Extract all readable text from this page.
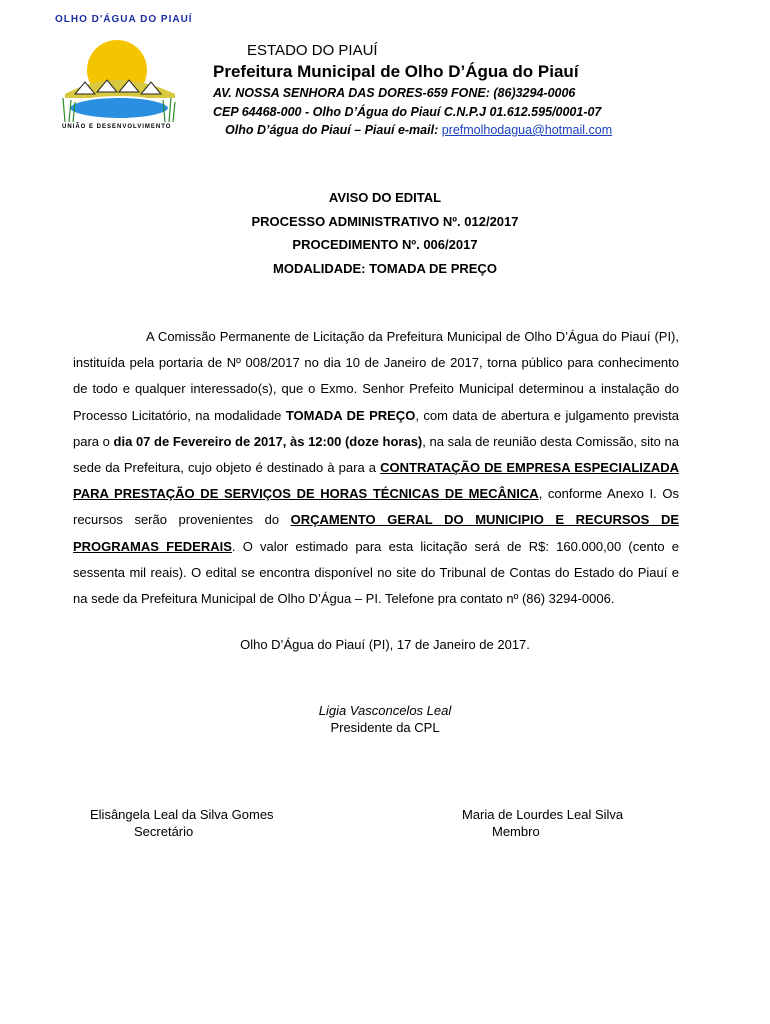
OLHO D'ÁGUA DO PIAUÍ
UNIÃO E DESENVOLVIMENTO
ESTADO DO PIAUÍ
Prefeitura Municipal de Olho D’Água do Piauí
AV. NOSSA SENHORA DAS DORES-659 FONE: (86)3294-0006
CEP 64468-000 - Olho D’Água do Piauí C.N.P.J 01.612.595/0001-07
Olho D’água do Piauí – Piauí e-mail: prefmolhodagua@hotmail.com
AVISO DO EDITAL
PROCESSO ADMINISTRATIVO Nº. 012/2017
PROCEDIMENTO Nº. 006/2017
MODALIDADE: TOMADA DE PREÇO
A Comissão Permanente de Licitação da Prefeitura Municipal de Olho D’Água do Piauí (PI), instituída pela portaria de Nº 008/2017 no dia 10 de Janeiro de 2017, torna público para conhecimento de todo e qualquer interessado(s), que o Exmo. Senhor Prefeito Municipal determinou a instalação do Processo Licitatório, na modalidade TOMADA DE PREÇO, com data de abertura e julgamento prevista para o dia 07 de Fevereiro de 2017, às 12:00 (doze horas), na sala de reunião desta Comissão, sito na sede da Prefeitura, cujo objeto é destinado à para a CONTRATAÇÃO DE EMPRESA ESPECIALIZADA PARA PRESTAÇÃO DE SERVIÇOS DE HORAS TÉCNICAS DE MECÂNICA, conforme Anexo I. Os recursos serão provenientes do ORÇAMENTO GERAL DO MUNICIPIO E RECURSOS DE PROGRAMAS FEDERAIS. O valor estimado para esta licitação será de R$: 160.000,00 (cento e sessenta mil reais). O edital se encontra disponível no site do Tribunal de Contas do Estado do Piauí e na sede da Prefeitura Municipal de Olho D’Água – PI. Telefone pra contato nº (86) 3294-0006.
Olho D’Água do Piauí (PI), 17 de Janeiro de 2017.
Ligia Vasconcelos Leal
Presidente da CPL
Elisângela Leal da Silva Gomes
Secretário
Maria de Lourdes Leal Silva
Membro
